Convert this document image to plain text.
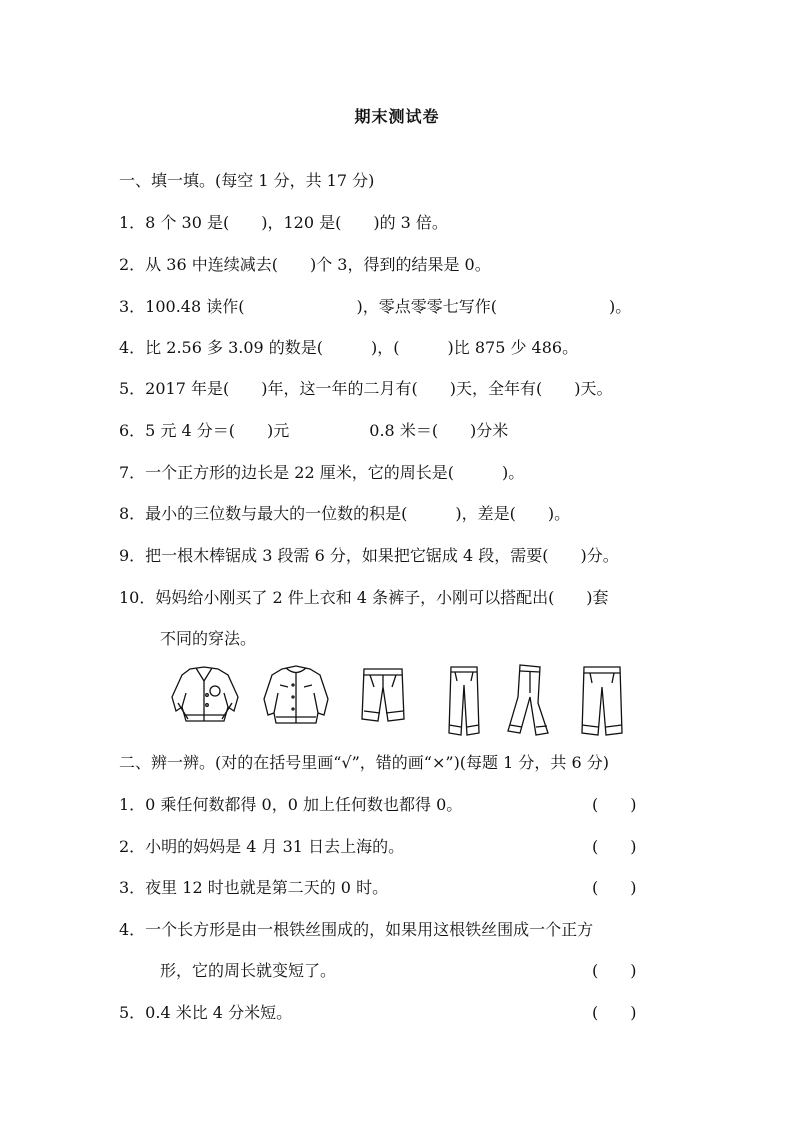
期末测试卷
一、填一填。(每空 1 分，共 17 分)
1．8 个 30 是(　　)，120 是(　　)的 3 倍。
2．从 36 中连续减去(　　)个 3，得到的结果是 0。
3．100.48 读作(　　　　　　　)，零点零零七写作(　　　　　　　)。
4．比 2.56 多 3.09 的数是(　　　)，(　　　)比 875 少 486。
5．2017 年是(　　)年，这一年的二月有(　　)天，全年有(　　)天。
6．5 元 4 分＝(　　)元　　　　　0.8 米＝(　　)分米
7．一个正方形的边长是 22 厘米，它的周长是(　　　)。
8．最小的三位数与最大的一位数的积是(　　　)，差是(　　)。
9．把一根木棒锯成 3 段需 6 分，如果把它锯成 4 段，需要(　　)分。
10．妈妈给小刚买了 2 件上衣和 4 条裤子，小刚可以搭配出(　　)套
不同的穿法。
二、辨一辨。(对的在括号里画“√”，错的画“×”)(每题 1 分，共 6 分)
1．0 乘任何数都得 0，0 加上任何数也都得 0。	(　　)
2．小明的妈妈是 4 月 31 日去上海的。	(　　)
3．夜里 12 时也就是第二天的 0 时。	(　　)
4．一个长方形是由一根铁丝围成的，如果用这根铁丝围成一个正方
形，它的周长就变短了。	(　　)
5．0.4 米比 4 分米短。	(　　)
